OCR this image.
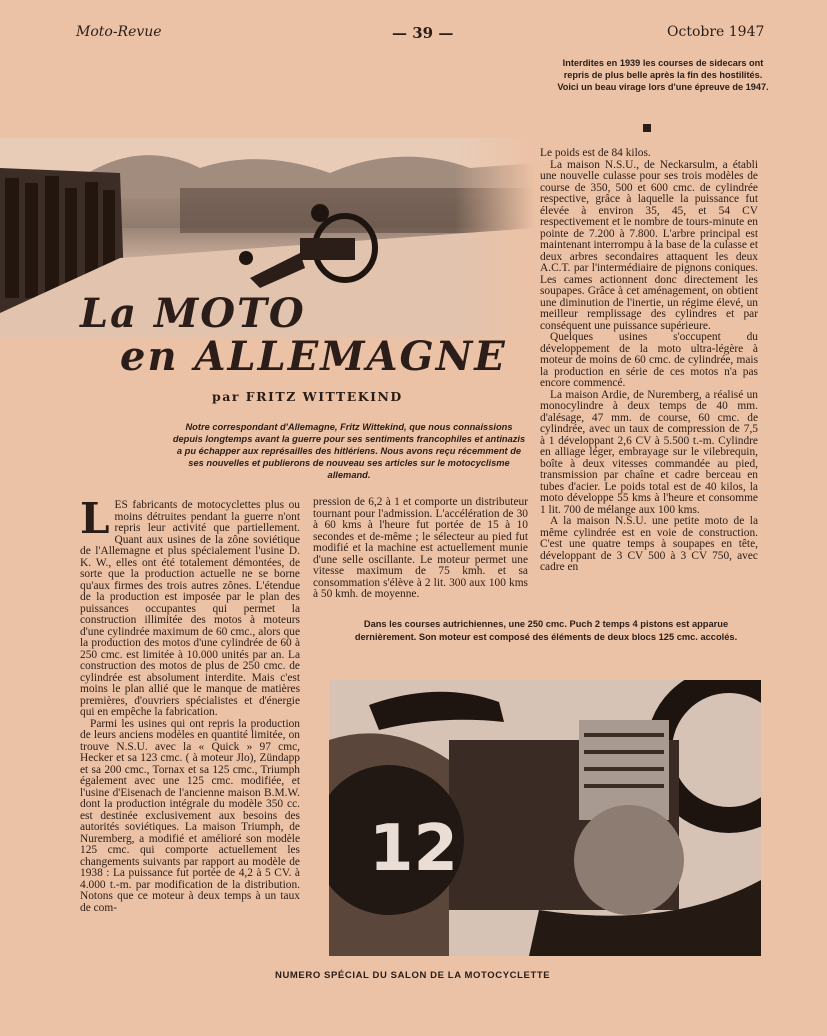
Moto-Revue	— 39 —	Octobre 1947
Interdites en 1939 les courses de sidecars ont repris de plus belle après la fin des hostilités. Voici un beau virage lors d'une épreuve de 1947.
La MOTO
en ALLEMAGNE
par FRITZ WITTEKIND
Notre correspondant d'Allemagne, Fritz Wittekind, que nous connaissions depuis longtemps avant la guerre pour ses sentiments francophiles et antinazis a pu échapper aux représailles des hitlériens. Nous avons reçu récemment de ses nouvelles et publierons de nouveau ses articles sur le motocyclisme allemand.

LES fabricants de motocyclettes plus ou moins détruites pendant la guerre n'ont repris leur activité que partiellement. Quant aux usines de la zône soviétique de l'Allemagne et plus spécialement l'usine D. K. W., elles ont été totalement démontées, de sorte que la production actuelle ne se borne qu'aux firmes des trois autres zônes. L'étendue de la production est imposée par le plan des puissances occupantes qui permet la construction illimitée des motos à moteurs d'une cylindrée maximum de 60 cmc., alors que la production des motos d'une cylindrée de 60 à 250 cmc. est limitée à 10.000 unités par an. La construction des motos de plus de 250 cmc. de cylindrée est absolument interdite. Mais c'est moins le plan allié que le manque de matières premières, d'ouvriers spécialistes et d'énergie qui en empêche la fabrication.

Parmi les usines qui ont repris la production de leurs anciens modèles en quantité limitée, on trouve N.S.U. avec la « Quick » 97 cmc, Hecker et sa 123 cmc. ( à moteur Jlo), Zündapp et sa 200 cmc., Tornax et sa 125 cmc., Triumph également avec une 125 cmc. modifiée, et l'usine d'Eisenach de l'ancienne maison B.M.W. dont la production intégrale du modèle 350 cc. est destinée exclusivement aux besoins des autorités soviétiques. La maison Triumph, de Nuremberg, a modifié et amélioré son modèle 125 cmc. qui comporte actuellement les changements suivants par rapport au modèle de 1938 : La puissance fut portée de 4,2 à 5 CV. à 4.000 t.-m. par modification de la distribution. Notons que ce moteur à deux temps à un taux de com-

pression de 6,2 à 1 et comporte un distributeur tournant pour l'admission. L'accélération de 30 à 60 kms à l'heure fut portée de 15 à 10 secondes et de-même ; le sélecteur au pied fut modifié et la machine est actuellement munie d'une selle oscillante. Le moteur permet une vitesse maximum de 75 kmh. et sa consommation s'élève à 2 lit. 300 aux 100 kms à 50 kmh. de moyenne.

Le poids est de 84 kilos.

La maison N.S.U., de Neckarsulm, a établi une nouvelle culasse pour ses trois modèles de course de 350, 500 et 600 cmc. de cylindrée respective, grâce à laquelle la puissance fut élevée à environ 35, 45, et 54 CV respectivement et le nombre de tours-minute en pointe de 7.200 à 7.800. L'arbre principal est maintenant interrompu à la base de la culasse et deux arbres secondaires attaquent les deux A.C.T. par l'intermédiaire de pignons coniques. Les cames actionnent donc directement les soupapes. Grâce à cet aménagement, on obtient une diminution de l'inertie, un régime élevé, un meilleur remplissage des cylindres et par conséquent une puissance supérieure.

Quelques usines s'occupent du développement de la moto ultra-légère à moteur de moins de 60 cmc. de cylindrée, mais la production en série de ces motos n'a pas encore commencé.

La maison Ardie, de Nuremberg, a réalisé un monocylindre à deux temps de 40 mm. d'alésage, 47 mm. de course, 60 cmc. de cylindrée, avec un taux de compression de 7,5 à 1 développant 2,6 CV à 5.500 t.-m. Cylindre en alliage léger, embrayage sur le vilebrequin, boîte à deux vitesses commandée au pied, transmission par chaîne et cadre berceau en tubes d'acier. Le poids total est de 40 kilos, la moto développe 55 kms à l'heure et consomme 1 lit. 700 de mélange aux 100 kms.

A la maison N.S.U. une petite moto de la même cylindrée est en voie de construction. C'est une quatre temps à soupapes en tête, développant de 3 CV 500 à 3 CV 750, avec cadre en

Dans les courses autrichiennes, une 250 cmc. Puch 2 temps 4 pistons est apparue dernièrement. Son moteur est composé des éléments de deux blocs 125 cmc. accolés.
12
NUMERO SPÉCIAL DU SALON DE LA MOTOCYCLETTE
